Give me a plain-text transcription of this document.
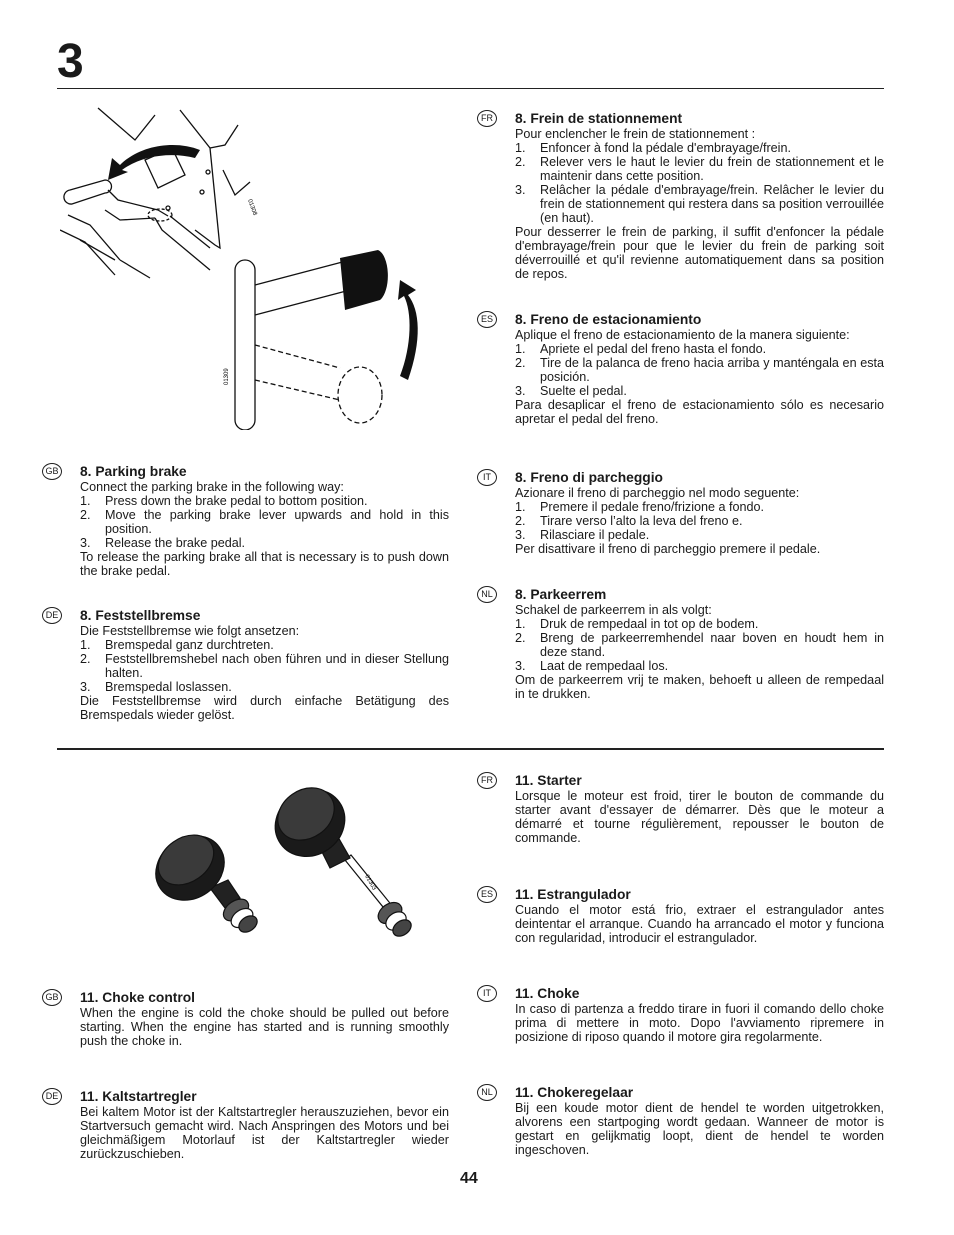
3
01308
01309
GB 8. Parking brake

Connect the parking brake in the following way:

1. Press down the brake pedal to bottom position.
2. Move the parking brake lever upwards and hold in this position.
3. Release the brake pedal.

To release the parking brake all that is necessary is to push down the brake pedal.

DE 8. Feststellbremse

Die Feststellbremse wie folgt ansetzen:

1. Bremspedal ganz durchtreten.
2. Feststellbremshebel nach oben führen und in dieser Stellung halten.
3. Bremspedal loslassen.

Die Feststellbremse wird durch einfache Betätigung des Bremspedals wieder gelöst.

FR 8. Frein de stationnement

Pour enclencher le frein de stationnement :

1. Enfoncer à fond la pédale d'embrayage/frein.
2. Relever vers le haut le levier du frein de stationnement et le maintenir dans cette position.
3. Relâcher la pédale d'embrayage/frein. Relâcher le levier du frein de stationnement qui restera dans sa position verrouillée (en haut).

Pour desserrer le frein de parking, il suffit d'enfoncer la pédale d'embrayage/frein pour que le levier du frein de parking soit déverrouillé et qu'il revienne automatiquement dans sa position de repos.

ES 8. Freno de estacionamiento

Aplique el freno de estacionamiento de la manera siguiente:

1. Apriete el pedal del freno hasta el fondo.
2. Tire de la palanca de freno hacia arriba y manténgala en esta posición.
3. Suelte el pedal.

Para desaplicar el freno de estacionamiento sólo es necesario apretar el pedal del freno.

IT	8. Freno di parcheggio

Azionare il freno di parcheggio nel modo seguente:

1. Premere il pedale freno/frizione a fondo.
2. Tirare verso l’alto la leva del freno e.
3. Rilasciare il pedale.

Per disattivare il freno di parcheggio premere il pedale.

NL	8. Parkeerrem

Schakel de parkeerrem in als volgt:

1. Druk de rempedaal in tot op de bodem.
2. Breng de parkeerremhendel naar boven en houdt hem in deze stand.
3. Laat de rempedaal los.

Om de parkeerrem vrij te maken, behoeft u alleen de rempedaal in te drukken.

01303
GB 11. Choke control

When the engine is cold the choke should be pulled out before starting. When the engine has started and is running smoothly push the choke in.

DE 11. Kaltstartregler

Bei kaltem Motor ist der Kaltstartregler herauszuziehen, bevor ein Startversuch gemacht wird. Nach Anspringen des Motors und bei gleichmäßigem Motorlauf ist der Kaltstartregler wieder zurückzuschieben.

FR 11. Starter

Lorsque le moteur est froid, tirer le bouton de commande du starter avant d'essayer de démarrer. Dès que le moteur a démarré et tourne régulièrement, repousser le bouton de commande.

ES 11. Estrangulador

Cuando el motor está frio, extraer el estrangulador antes deintentar el arranque. Cuando ha arrancado el motor y funciona con regularidad, introducir el estrangulador.

IT	11. Choke

In caso di partenza a freddo tirare in fuori il comando dello choke prima di mettere in moto. Dopo l'avviamento ripremere in posizione di riposo quando il motore gira regolarmente.

NL	11. Chokeregelaar

Bij een koude motor dient de hendel te worden uitgetrokken, alvorens een startpoging wordt gedaan. Wanneer de motor is gestart en gelijkmatig loopt, dient de hendel te worden ingeschoven.

44
